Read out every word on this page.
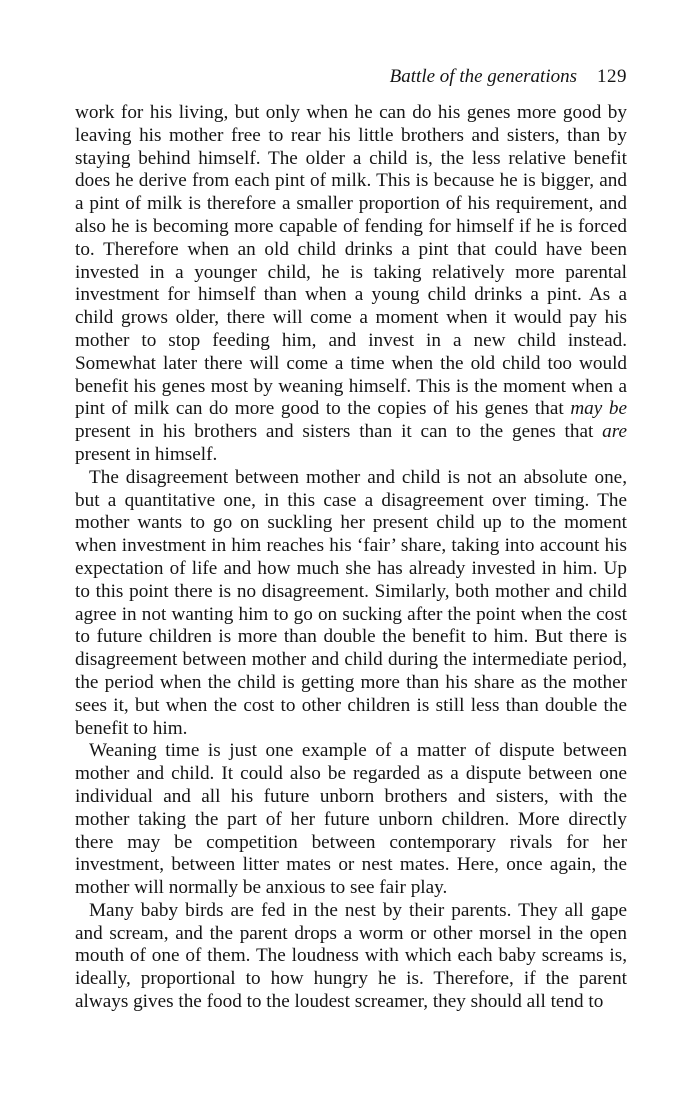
Battle of the generations 129

work for his living, but only when he can do his genes more good by leaving his mother free to rear his little brothers and sisters, than by staying behind himself. The older a child is, the less relative benefit does he derive from each pint of milk. This is because he is bigger, and a pint of milk is therefore a smaller proportion of his requirement, and also he is becoming more capable of fending for himself if he is forced to. Therefore when an old child drinks a pint that could have been invested in a younger child, he is taking relatively more parental investment for himself than when a young child drinks a pint. As a child grows older, there will come a moment when it would pay his mother to stop feeding him, and invest in a new child instead. Somewhat later there will come a time when the old child too would benefit his genes most by weaning himself. This is the moment when a pint of milk can do more good to the copies of his genes that may be present in his brothers and sisters than it can to the genes that are present in himself.

The disagreement between mother and child is not an absolute one, but a quantitative one, in this case a disagreement over timing. The mother wants to go on suckling her present child up to the moment when investment in him reaches his ‘fair’ share, taking into account his expectation of life and how much she has already invested in him. Up to this point there is no disagreement. Similarly, both mother and child agree in not wanting him to go on sucking after the point when the cost to future children is more than double the benefit to him. But there is disagreement between mother and child during the intermediate period, the period when the child is getting more than his share as the mother sees it, but when the cost to other children is still less than double the benefit to him.

Weaning time is just one example of a matter of dispute between mother and child. It could also be regarded as a dispute between one individual and all his future unborn brothers and sisters, with the mother taking the part of her future unborn children. More directly there may be competition between contemporary rivals for her investment, between litter mates or nest mates. Here, once again, the mother will normally be anxious to see fair play.

Many baby birds are fed in the nest by their parents. They all gape and scream, and the parent drops a worm or other morsel in the open mouth of one of them. The loudness with which each baby screams is, ideally, proportional to how hungry he is. Therefore, if the parent always gives the food to the loudest screamer, they should all tend to
